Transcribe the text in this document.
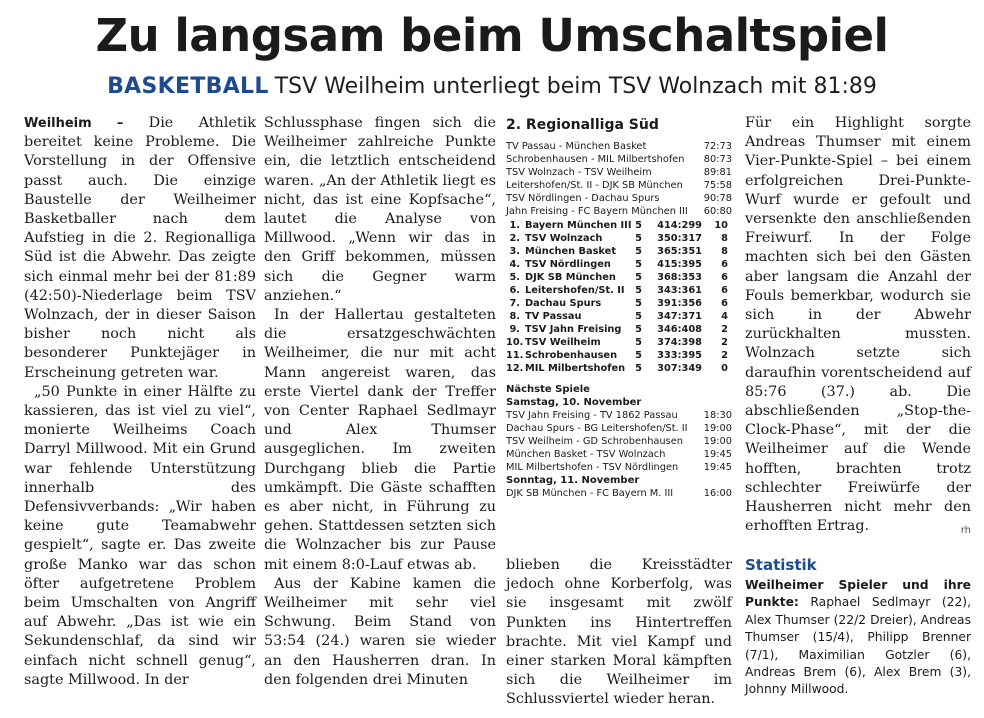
Zu langsam beim Umschaltspiel
BASKETBALL TSV Weilheim unterliegt beim TSV Wolnzach mit 81:89

Weilheim – Die Athletik bereitet keine Probleme. Die Vorstellung in der Offensive passt auch. Die einzige Baustelle der Weilheimer Basketballer nach dem Aufstieg in die 2. Regionalliga Süd ist die Abwehr. Das zeigte sich einmal mehr bei der 81:89 (42:50)-Niederlage beim TSV Wolnzach, der in dieser Saison bisher noch nicht als besonderer Punktejäger in Erscheinung getreten war.

„50 Punkte in einer Hälfte zu kassieren, das ist viel zu viel“, monierte Weilheims Coach Darryl Millwood. Mit ein Grund war fehlende Unterstützung innerhalb des Defensivverbands: „Wir haben keine gute Teamabwehr gespielt“, sagte er. Das zweite große Manko war das schon öfter aufgetretene Problem beim Umschalten von Angriff auf Abwehr. „Das ist wie ein Sekundenschlaf, da sind wir einfach nicht schnell genug“, sagte Millwood. In der

Schlussphase fingen sich die Weilheimer zahlreiche Punkte ein, die letztlich entscheidend waren. „An der Athletik liegt es nicht, das ist eine Kopfsache“, lautet die Analyse von Millwood. „Wenn wir das in den Griff bekommen, müssen sich die Gegner warm anziehen.“

In der Hallertau gestalteten die ersatzgeschwächten Weilheimer, die nur mit acht Mann angereist waren, das erste Viertel dank der Treffer von Center Raphael Sedlmayr und Alex Thumser ausgeglichen. Im zweiten Durchgang blieb die Partie umkämpft. Die Gäste schafften es aber nicht, in Führung zu gehen. Stattdessen setzten sich die Wolnzacher bis zur Pause mit einem 8:0-Lauf etwas ab.

Aus der Kabine kamen die Weilheimer mit sehr viel Schwung. Beim Stand von 53:54 (24.) waren sie wieder an den Hausherren dran. In den folgenden drei Minuten

2. Regionalliga Süd
TV Passau - München Basket	72:73
Schrobenhausen - MIL Milbertshofen 80:73
TSV Wolnzach - TSV Weilheim	89:81
Leitershofen/St. II - DJK SB München 75:58
TSV Nördlingen - Dachau Spurs	90:78
Jahn Freising - FC Bayern München III 60:80
1. Bayern München III 5	414:299	10
2. TSV Wolnzach	5	350:317	8
3. München Basket	5	365:351	8
4. TSV Nördlingen	5	415:395	6
5. DJK SB München	5	368:353	6
6. Leitershofen/St. II	5	343:361	6
7. Dachau Spurs	5	391:356	6
8. TV Passau	5	347:371	4
9. TSV Jahn Freising	5	346:408	2
10. TSV Weilheim	5	374:398	2
11. Schrobenhausen	5	333:395	2
12. MIL Milbertshofen	5	307:349	0
Nächste Spiele
Samstag, 10. November
TSV Jahn Freising - TV 1862 Passau	18:30
Dachau Spurs - BG Leitershofen/St. II 19:00
TSV Weilheim - GD Schrobenhausen 19:00
München Basket - TSV Wolnzach	19:45
MIL Milbertshofen - TSV Nördlingen	19:45
Sonntag, 11. November
DJK SB München - FC Bayern M. III	16:00

blieben die Kreisstädter jedoch ohne Korberfolg, was sie insgesamt mit zwölf Punkten ins Hintertreffen brachte. Mit viel Kampf und einer starken Moral kämpften sich die Weilheimer im Schlussviertel wieder heran.

Für ein Highlight sorgte Andreas Thumser mit einem Vier-Punkte-Spiel – bei einem erfolgreichen Drei-Punkte-Wurf wurde er gefoult und versenkte den anschließenden Freiwurf. In der Folge machten sich bei den Gästen aber langsam die Anzahl der Fouls bemerkbar, wodurch sie sich in der Abwehr zurückhalten mussten. Wolnzach setzte sich daraufhin vorentscheidend auf 85:76 (37.) ab. Die abschließenden „Stop-the-Clock-Phase“, mit der die Weilheimer auf die Wende hofften, brachten trotz schlechter Freiwürfe der Hausherren nicht mehr den erhofften Ertrag.	rh

Statistik
Weilheimer Spieler und ihre Punkte: Raphael Sedlmayr (22), Alex Thumser (22/2 Dreier), Andreas Thumser (15/4), Philipp Brenner (7/1), Maximilian Gotzler (6), Andreas Brem (6), Alex Brem (3), Johnny Millwood.
